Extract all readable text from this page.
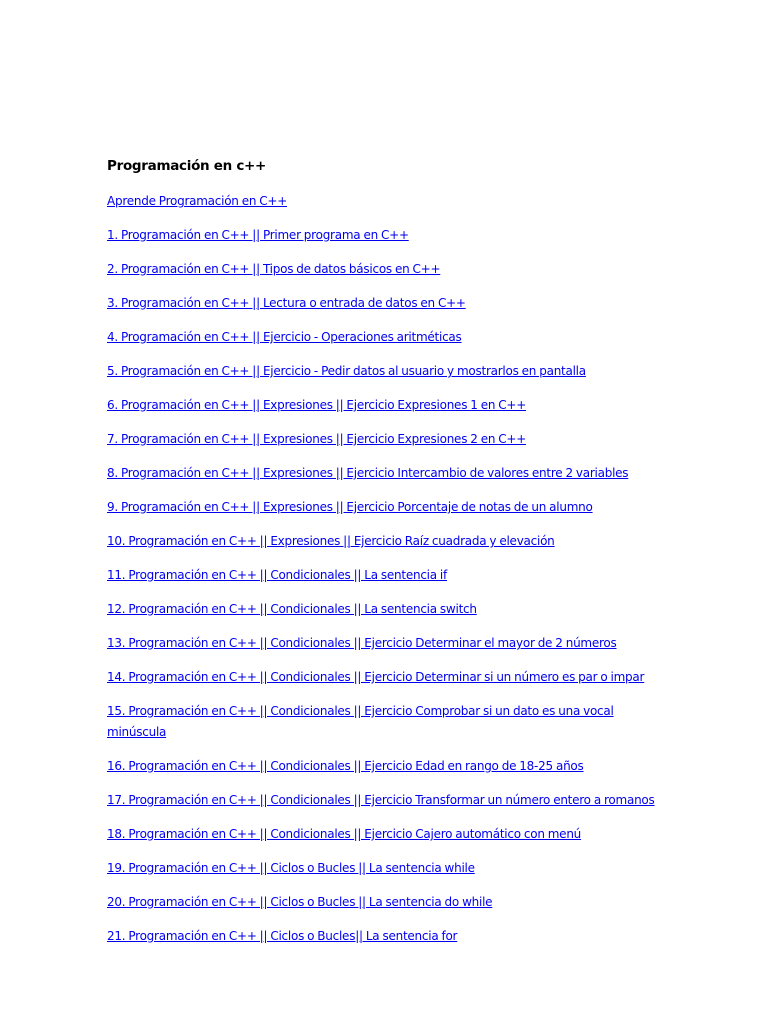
Programación en c++
Aprende Programación en C++
1. Programación en C++ || Primer programa en C++
2. Programación en C++ || Tipos de datos básicos en C++
3. Programación en C++ || Lectura o entrada de datos en C++
4. Programación en C++ || Ejercicio - Operaciones aritméticas
5. Programación en C++ || Ejercicio - Pedir datos al usuario y mostrarlos en pantalla
6. Programación en C++ || Expresiones || Ejercicio Expresiones 1 en C++
7. Programación en C++ || Expresiones || Ejercicio Expresiones 2 en C++
8. Programación en C++ || Expresiones || Ejercicio Intercambio de valores entre 2 variables
9. Programación en C++ || Expresiones || Ejercicio Porcentaje de notas de un alumno
10. Programación en C++ || Expresiones || Ejercicio Raíz cuadrada y elevación
11. Programación en C++ || Condicionales || La sentencia if
12. Programación en C++ || Condicionales || La sentencia switch
13. Programación en C++ || Condicionales || Ejercicio Determinar el mayor de 2 números
14. Programación en C++ || Condicionales || Ejercicio Determinar si un número es par o impar
15. Programación en C++ || Condicionales || Ejercicio Comprobar si un dato es una vocal minúscula
16. Programación en C++ || Condicionales || Ejercicio Edad en rango de 18-25 años
17. Programación en C++ || Condicionales || Ejercicio Transformar un número entero a romanos
18. Programación en C++ || Condicionales || Ejercicio Cajero automático con menú
19. Programación en C++ || Ciclos o Bucles || La sentencia while
20. Programación en C++ || Ciclos o Bucles || La sentencia do while
21. Programación en C++ || Ciclos o Bucles|| La sentencia for
